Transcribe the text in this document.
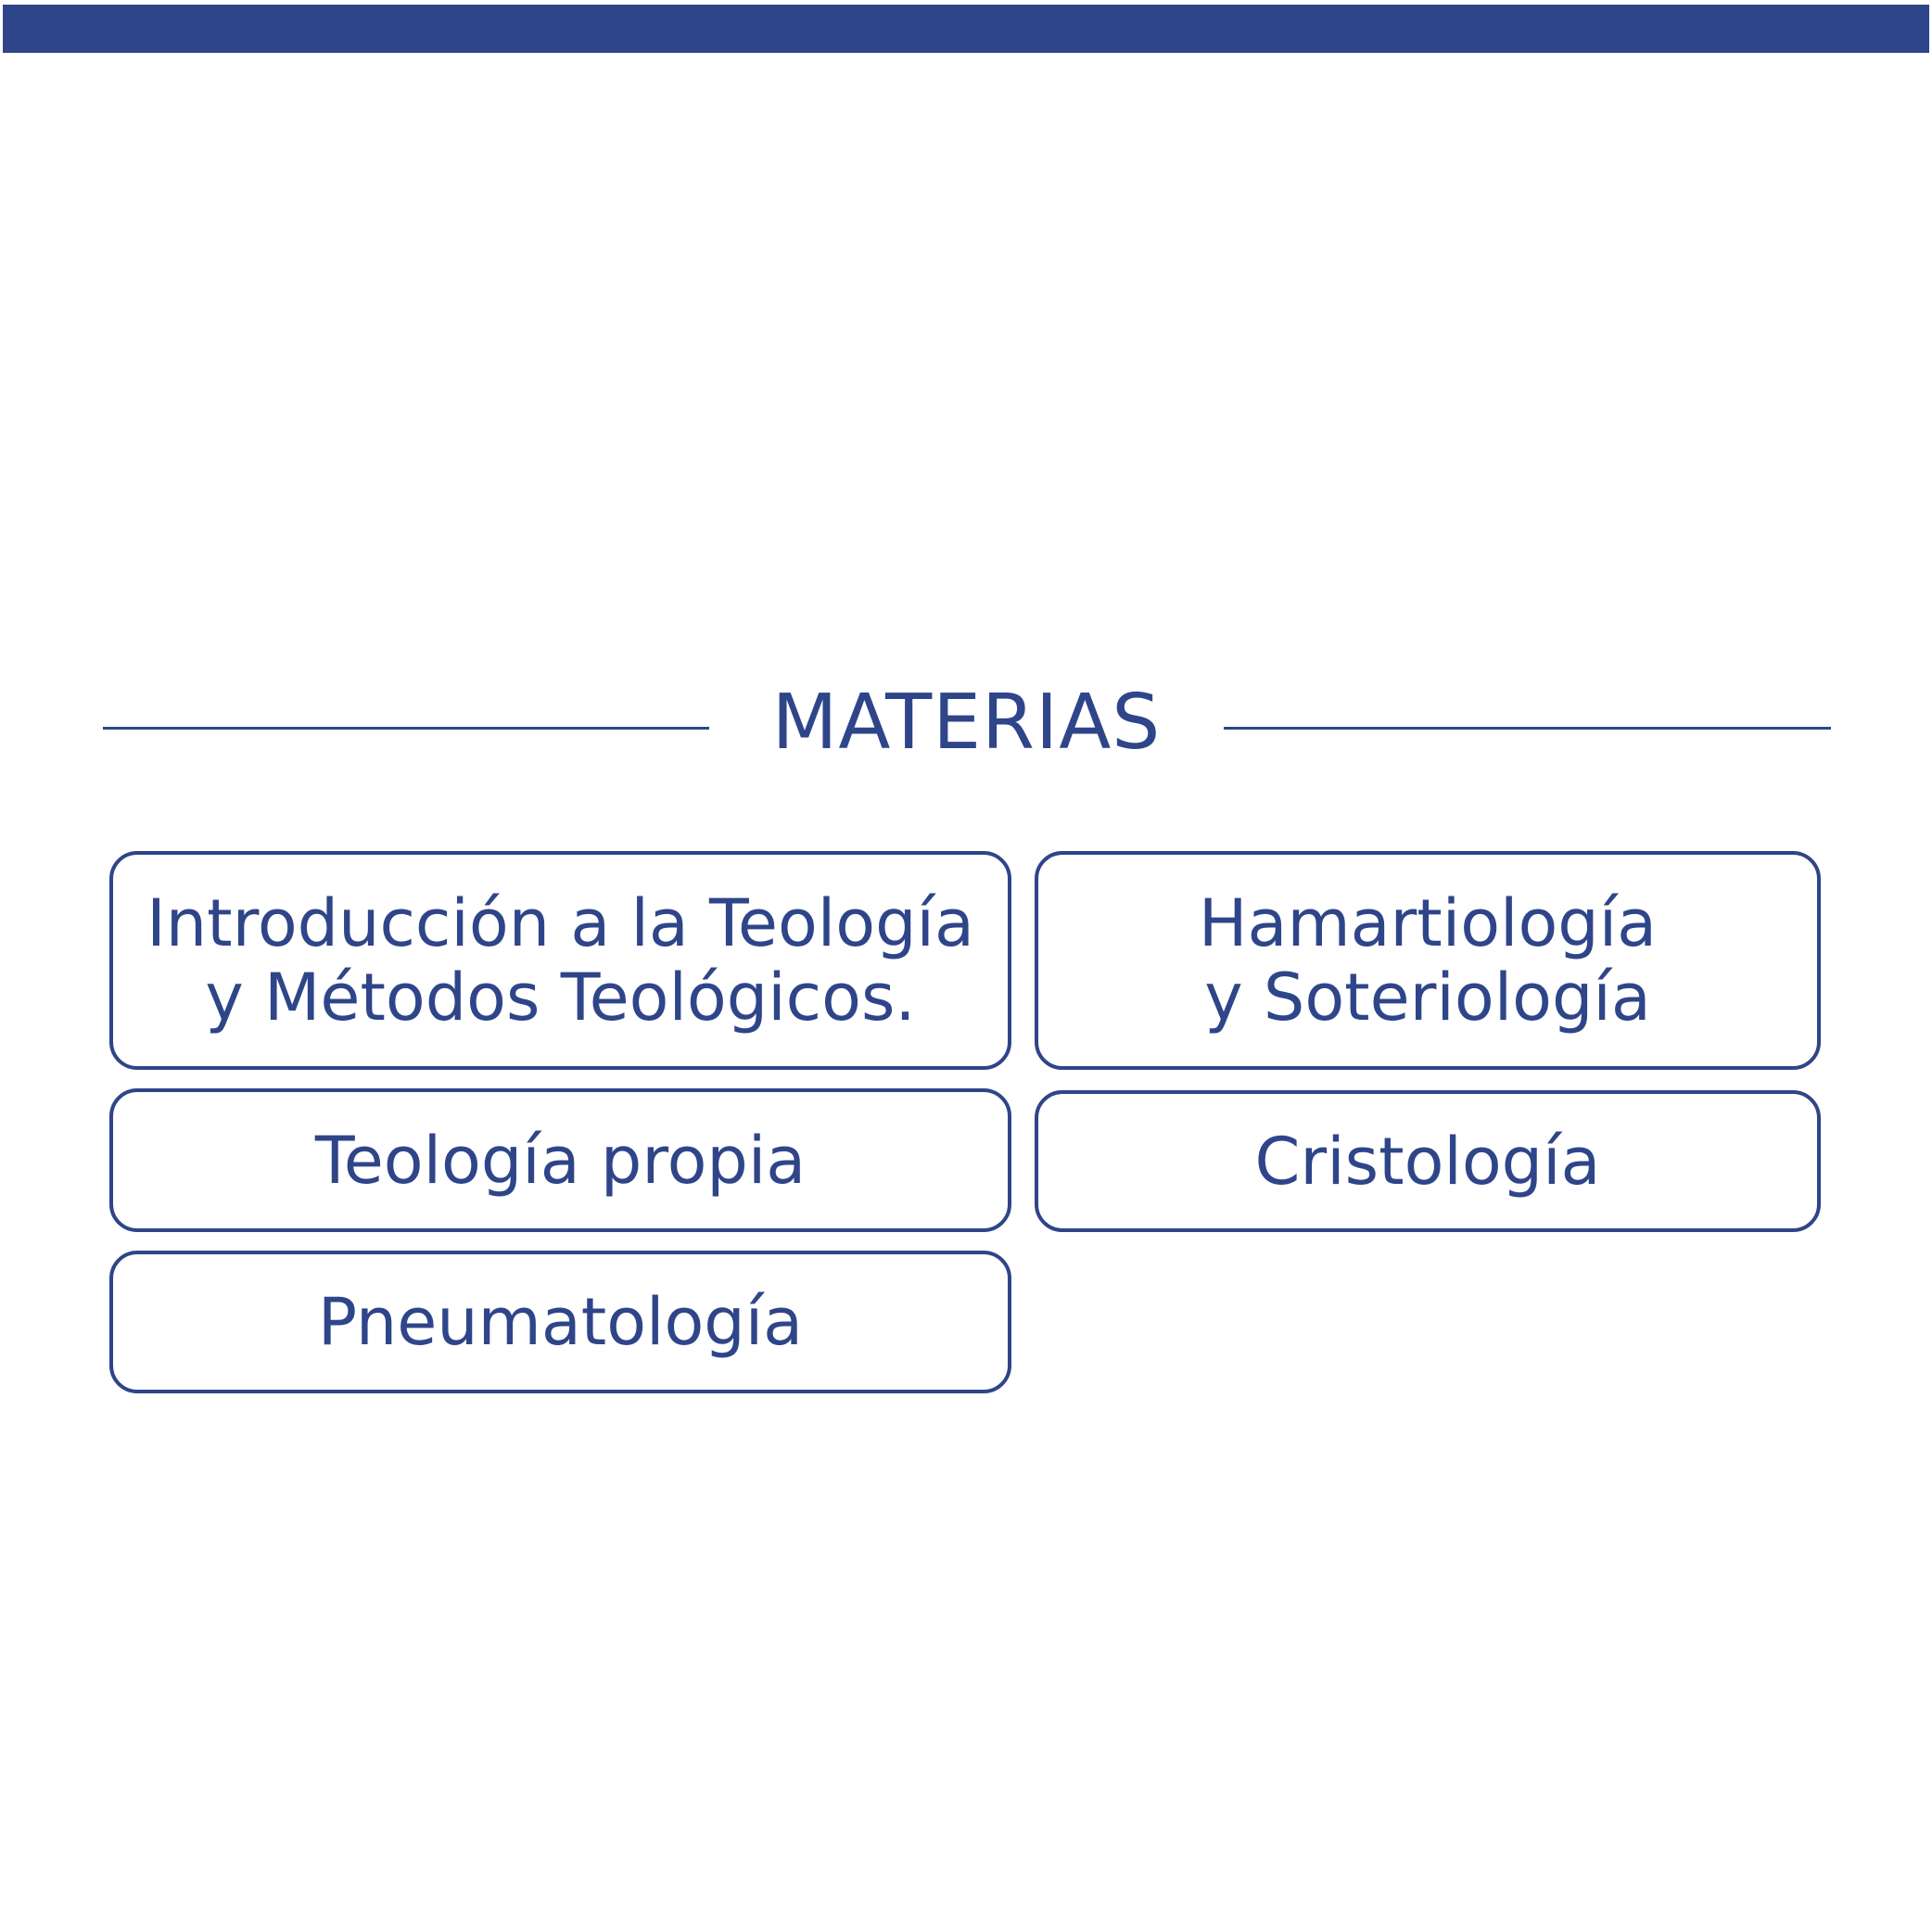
MATERIAS
Introducción a la Teología
y Métodos Teológicos.
Hamartiología
y Soteriología
Teología propia	Cristología
Pneumatología
